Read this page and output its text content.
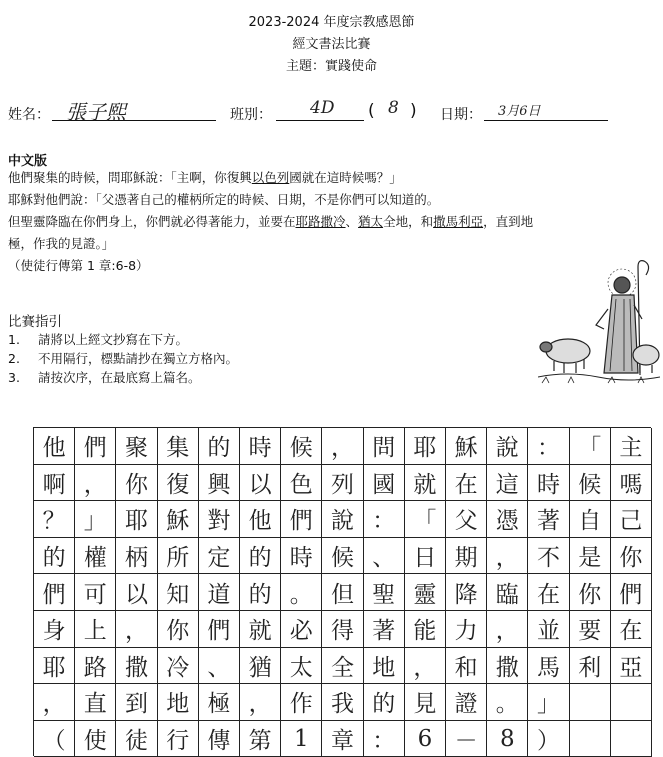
2023-2024 年度宗教感恩節
經文書法比賽
主題：實踐使命
姓名： 張子熙	班別： 4D ( 8 ) 日期： 3月6日
中文版
他們聚集的時候，問耶穌說：「主啊，你復興以色列國就在這時候嗎？」
耶穌對他們說：「父憑著自己的權柄所定的時候、日期，不是你們可以知道的。
但聖靈降臨在你們身上，你們就必得著能力，並要在耶路撒冷、猶太全地，和撒馬利亞，直到地
極，作我的見證。」
（使徒行傳第 1 章:6-8）
比賽指引
1. 請將以上經文抄寫在下方。
2. 不用隔行，標點請抄在獨立方格內。
3. 請按次序，在最底寫上篇名。
他 們 聚 集 的 時 候 ， 問 耶 穌 說 ： 「 主
啊 ， 你 復 興 以 色 列 國 就 在 這 時 候 嗎
？ 」 耶 穌 對 他 們 說 ： 「 父 憑 著 自 己
的 權 柄 所 定 的 時 候 、 日 期 ， 不 是 你
們 可 以 知 道 的 。 但 聖 靈 降 臨 在 你 們
身 上 ， 你 們 就 必 得 著 能 力 ， 並 要 在
耶 路 撒 冷 、 猶 太 全 地 ， 和 撒 馬 利 亞
， 直 到 地 極 ， 作 我 的 見 證 。 」
（ 使 徒 行 傳 第 1 章 ： 6 － 8 ）
